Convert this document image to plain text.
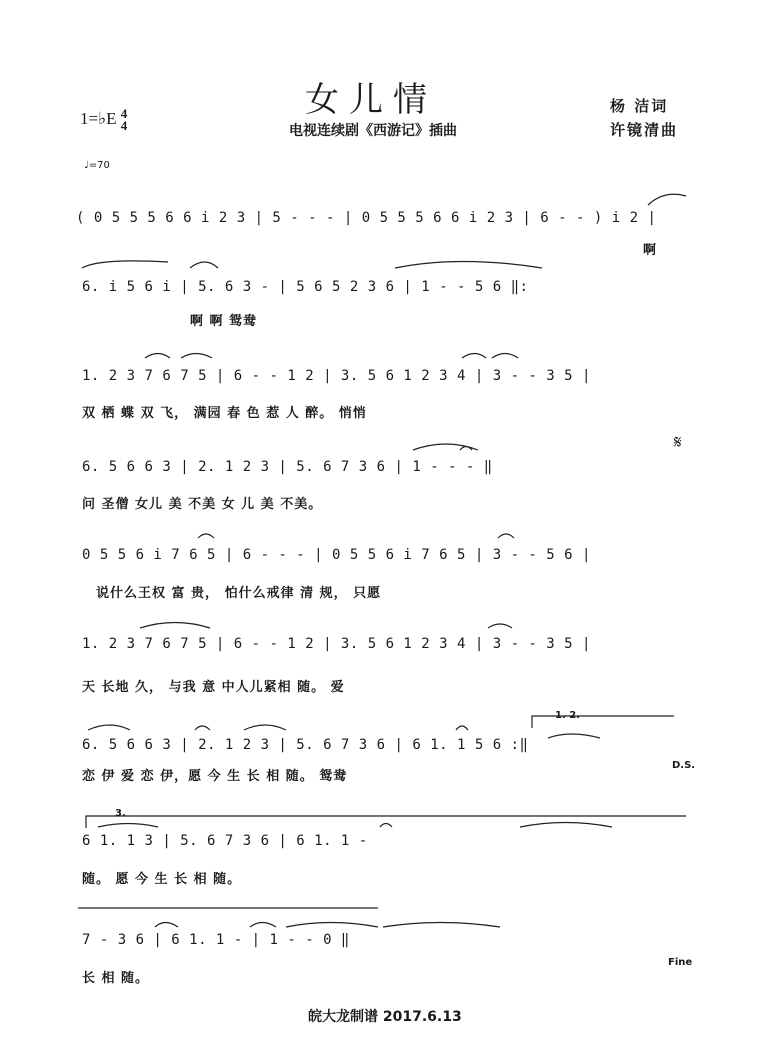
女儿情
电视连续剧《西游记》插曲
杨 洁词
许镜清曲
1=♭E 4
4
♩=70
( 0 5 5 5 6 6 i 2 3 | 5 - - - | 0 5 5 5 6 6 i 2 3 | 6 - - ) i 2 |
啊
6. i 5 6 i | 5. 6 3 - | 5 6 5 2 3 6 | 1 - - 5 6 ‖:
啊 啊 鸳鸯
1. 2 3 7 6 7 5 | 6 - - 1 2 | 3. 5 6 1 2 3 4 | 3 - - 3 5 |
双 栖 蝶 双 飞， 满园 春 色 惹 人 醉。 悄悄
6. 5 6 6 3 | 2. 1 2 3 | 5. 6 7 3 6 | 1 - - - ‖
问 圣僧 女儿 美 不美 女 儿 美 不美。
𝄋
0 5 5 6 i 7 6 5 | 6 - - - | 0 5 5 6 i 7 6 5 | 3 - - 5 6 |
说什么王权 富 贵， 怕什么戒律 清 规， 只愿
1. 2 3 7 6 7 5 | 6 - - 1 2 | 3. 5 6 1 2 3 4 | 3 - - 3 5 |
天 长地 久， 与我 意 中人儿紧相 随。 爱
1. 2.
6. 5 6 6 3 | 2. 1 2 3 | 5. 6 7 3 6 | 6 1. 1 5 6 :‖
恋 伊 爱 恋 伊，愿 今 生 长 相 随。 鸳鸯
D.S.
3.
6 1. 1 3 | 5. 6 7 3 6 | 6 1. 1 -
随。 愿 今 生 长 相 随。
7 - 3 6 | 6 1. 1 - | 1 - - 0 ‖
长 相 随。
Fine
皖大龙制谱 2017.6.13
